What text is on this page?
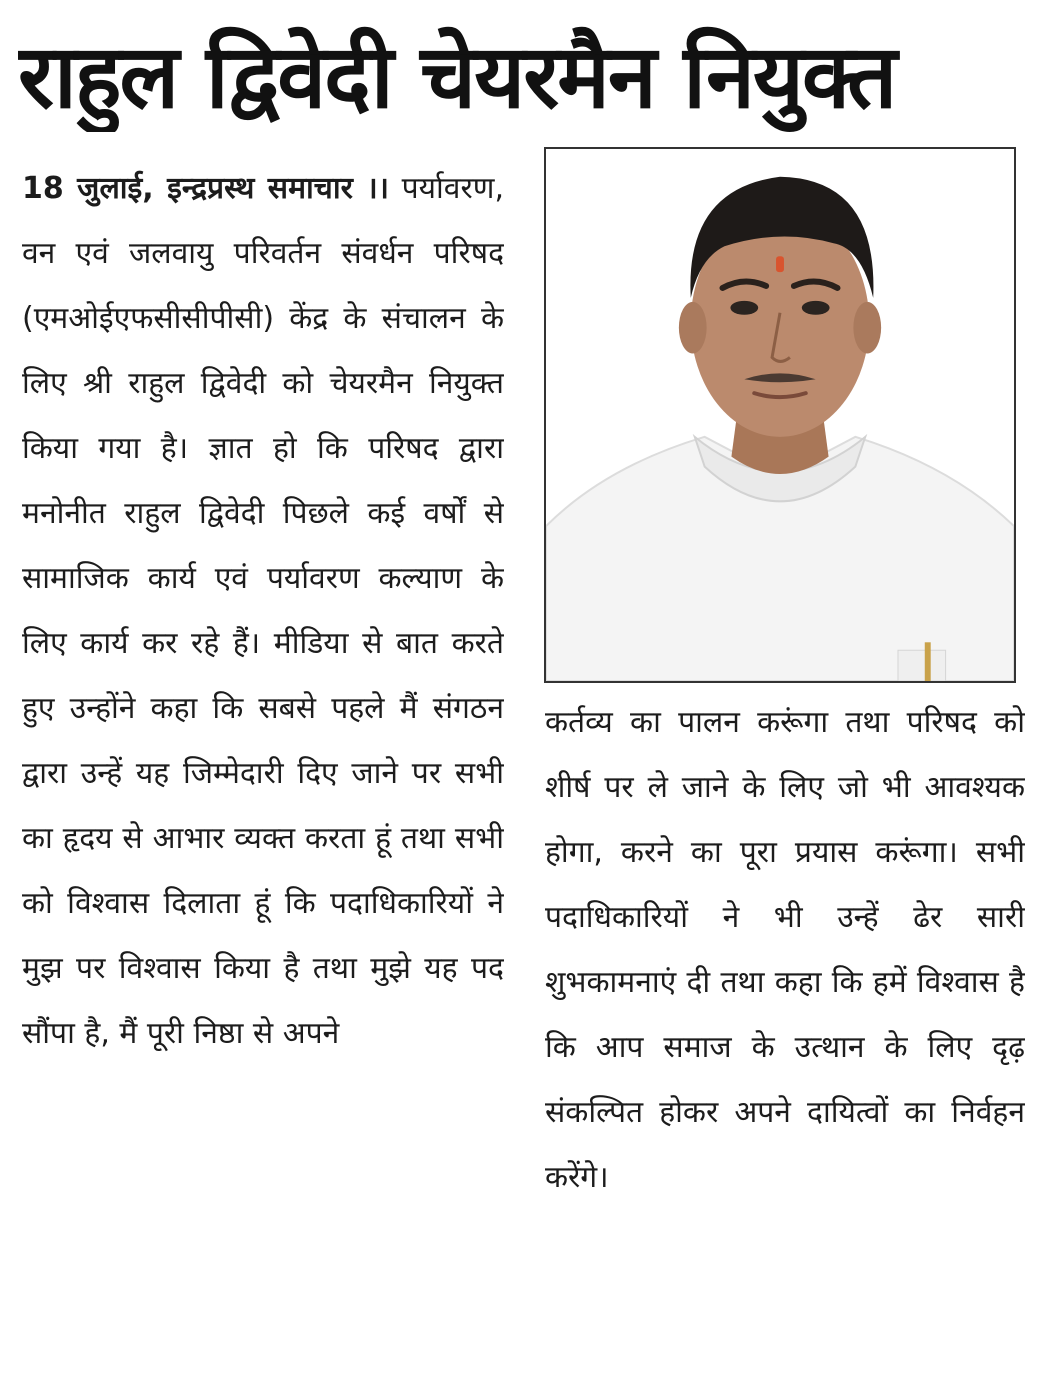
राहुल द्विवेदी चेयरमैन नियुक्त
18 जुलाई, इन्द्रप्रस्थ समाचार ।। पर्यावरण, वन एवं जलवायु परिवर्तन संवर्धन परिषद (एमओईएफसीसीपीसी) केंद्र के संचालन के लिए श्री राहुल द्विवेदी को चेयरमैन नियुक्त किया गया है। ज्ञात हो कि परिषद द्वारा मनोनीत राहुल द्विवेदी पिछले कई वर्षों से सामाजिक कार्य एवं पर्यावरण कल्याण के लिए कार्य कर रहे हैं। मीडिया से बात करते हुए उन्होंने कहा कि सबसे पहले मैं संगठन द्वारा उन्हें यह जिम्मेदारी दिए जाने पर सभी का हृदय से आभार व्यक्त करता हूं तथा सभी को विश्वास दिलाता हूं कि पदाधिकारियों ने मुझ पर विश्वास किया है तथा मुझे यह पद सौंपा है, मैं पूरी निष्ठा से अपने
कर्तव्य का पालन करूंगा तथा परिषद को शीर्ष पर ले जाने के लिए जो भी आवश्यक होगा, करने का पूरा प्रयास करूंगा। सभी पदाधिकारियों ने भी उन्हें ढेर सारी शुभकामनाएं दी तथा कहा कि हमें विश्वास है कि आप समाज के उत्थान के लिए दृढ़ संकल्पित होकर अपने दायित्वों का निर्वहन करेंगे।
